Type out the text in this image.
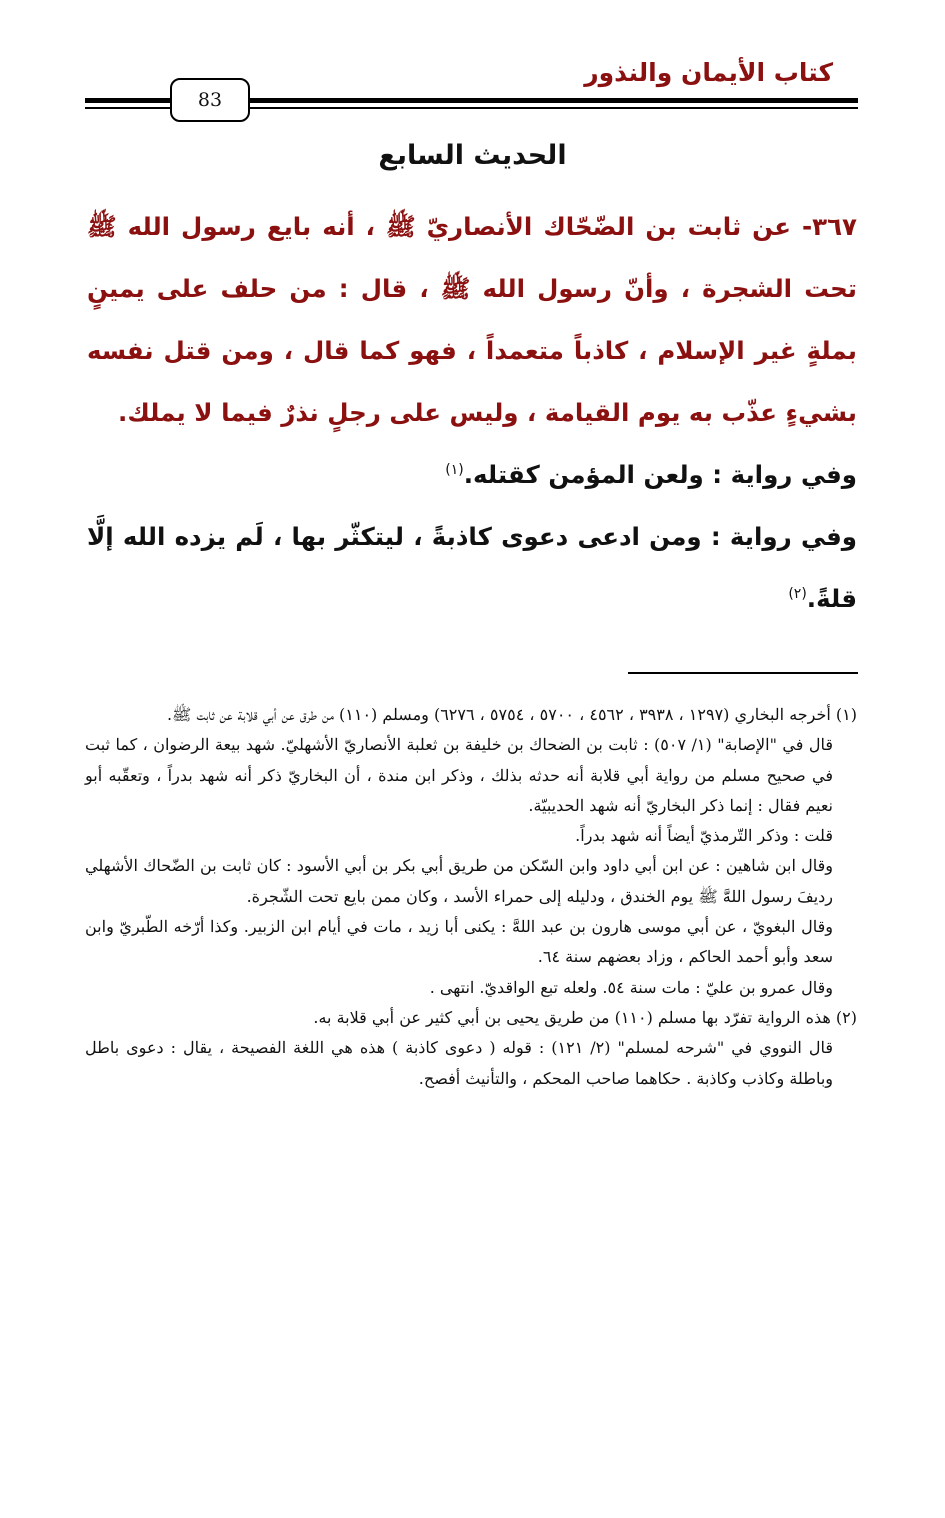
كتاب الأيمان والنذور
83
الحديث السابع

٣٦٧- عن ثابت بن الضّحّاك الأنصاريّ ﷺ ، أنه بايع رسول الله ﷺ تحت الشجرة ، وأنّ رسول الله ﷺ ، قال : من حلف على يمينٍ بملةٍ غير الإسلام ، كاذباً متعمداً ، فهو كما قال ، ومن قتل نفسه بشيءٍ عذّب به يوم القيامة ، وليس على رجلٍ نذرٌ فيما لا يملك.

وفي رواية : ولعن المؤمن كقتله.$^{(١)}$

وفي رواية : ومن ادعى دعوى كاذبةً ، ليتكثّر بها ، لَم يزده الله إلَّا قلةً.$^{(٢)}$

(١) أخرجه البخاري (١٢٩٧ ، ٣٩٣٨ ، ٤٥٦٢ ، ٥٧٠٠ ، ٥٧٥٤ ، ٦٢٧٦) ومسلم (١١٠) من طرق عن أبي قلابة عن ثابت ﷺ.

قال في "الإصابة" (١/ ٥٠٧) : ثابت بن الضحاك بن خليفة بن ثعلبة الأنصاريّ الأشهليّ. شهد بيعة الرضوان ، كما ثبت في صحيح مسلم من رواية أبي قلابة أنه حدثه بذلك ، وذكر ابن مندة ، أن البخاريّ ذكر أنه شهد بدراً ، وتعقّبه أبو نعيم فقال : إنما ذكر البخاريّ أنه شهد الحديبيّة.

قلت : وذكر التّرمذيّ أيضاً أنه شهد بدراً.

وقال ابن شاهين : عن ابن أبي داود وابن السّكن من طريق أبي بكر بن أبي الأسود : كان ثابت بن الضّحاك الأشهلي رديفَ رسول اللهَّ ﷺ يوم الخندق ، ودليله إلى حمراء الأسد ، وكان ممن بايع تحت الشّجرة.

وقال البغويّ ، عن أبي موسى هارون بن عبد اللهَّ : يكنى أبا زيد ، مات في أيام ابن الزبير. وكذا أرّخه الطّبريّ وابن سعد وأبو أحمد الحاكم ، وزاد بعضهم سنة ٦٤.

وقال عمرو بن عليّ : مات سنة ٥٤. ولعله تبع الواقديّ. انتهى .

(٢) هذه الرواية تفرّد بها مسلم (١١٠) من طريق يحيى بن أبي كثير عن أبي قلابة به.

قال النووي في "شرحه لمسلم" (٢/ ١٢١) : قوله ( دعوى كاذبة ) هذه هي اللغة الفصيحة ، يقال : دعوى باطل وباطلة وكاذب وكاذبة . حكاهما صاحب المحكم ، والتأنيث أفصح.
